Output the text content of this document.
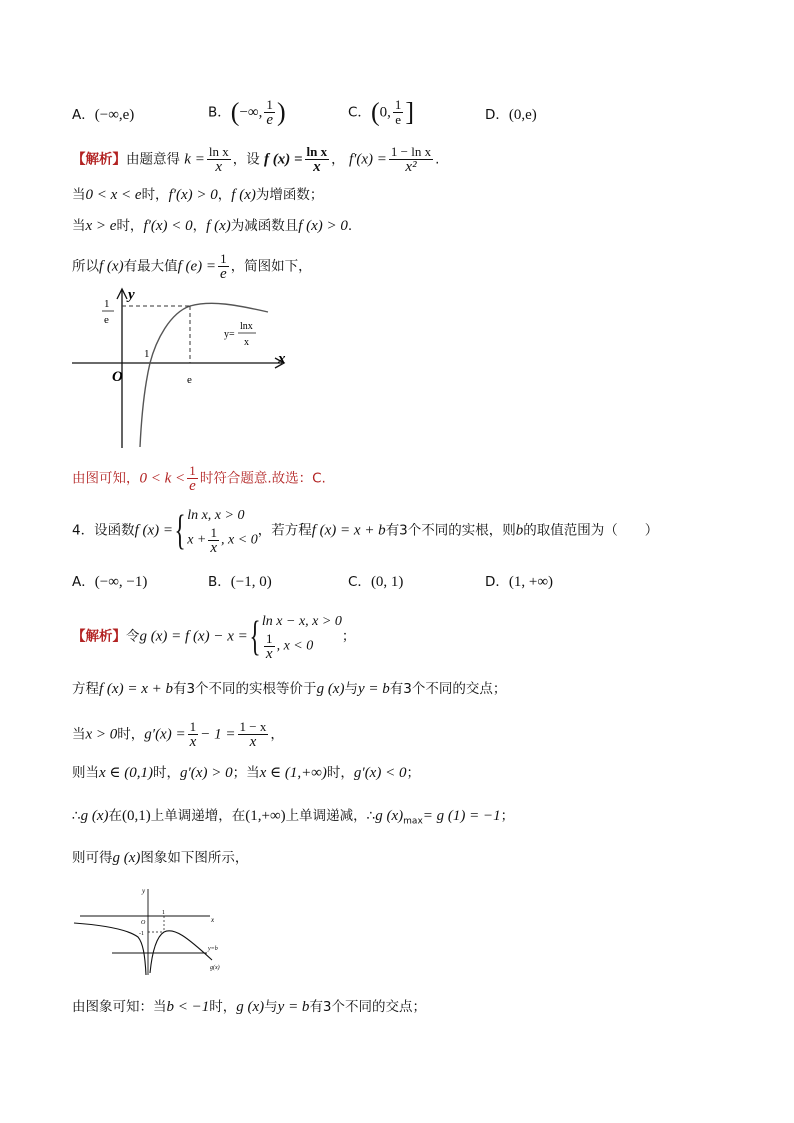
A．(−∞,e)	B．(−∞, $\frac{1}{e}$ )	C．(0, $\frac{1}{e}$ ]	D．(0,e)
【解析】由题意得 $k = \frac{\text{ln x}}{x}$ ，设 f $(x) = \frac{\text{ln x}}{x}$ ， $f'(x) = \frac{\text{1 − ln x}}{\text{x²}}$ .
当0 < x < e时，f′(x) > 0，f (x)为增函数；
当x > e时，f′(x) < 0，f (x)为减函数且f (x) > 0.
所以f (x)有最大值f $(e) = \frac{1}{e}$ ，简图如下，
y
x
O
1
e
1
e
y=
lnx
x
由图可知，$0 < k < \frac{1}{e}$ 时符合题意.故选：C.
4．设函数f (x) ={ ln x, x > 0
$x + \frac{1}{x}$ , x < 0
，若方程f (x) = x + b有3个不同的实根，则b的取值范围为（　　）
A．(−∞, −1)	B．(−1, 0)	C．(0, 1)	D．(1, +∞)
【解析】令g (x) = f (x) − x ={ ln x − x, x > 0
$\frac{1}{x}$ , x < 0
；
方程f (x) = x + b有3个不同的实根等价于g (x)与y = b有3个不同的交点；
当x > 0时，$g'(x) = \frac{1}{x} - 1 = \frac{1 - x}{x}$ ，
则当x ∈ (0,1)时，g′(x) > 0；当x ∈ (1,+∞)时，g′(x) < 0；
∴g (x)在(0,1)上单调递增，在(1,+∞)上单调递减，∴g $(x)_{max}= g$ (1) = −1；
则可得g (x)图象如下图所示，
y
x
O
-1
1
y=b
g(x)
由图象可知：当b < −1时，g (x)与y = b有3个不同的交点；
